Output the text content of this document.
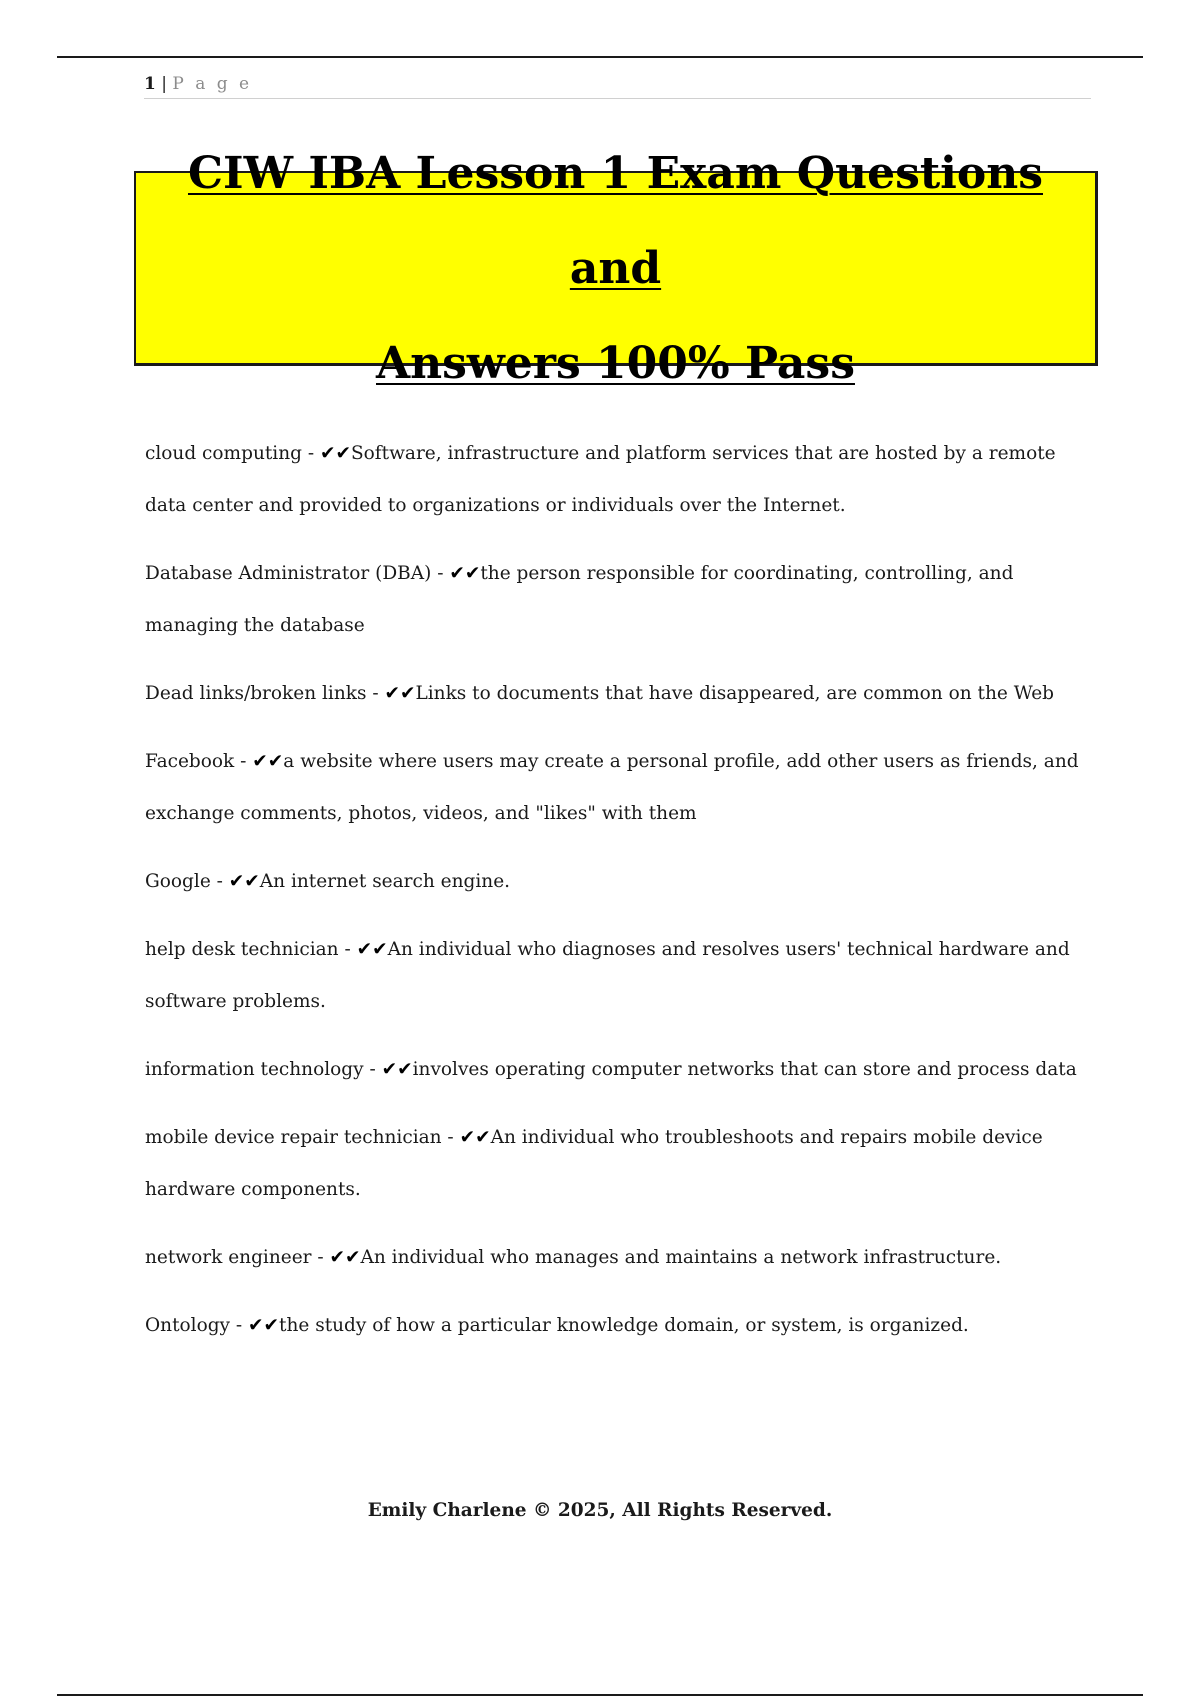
1 | P a g e
CIW IBA Lesson 1 Exam Questions and
Answers 100% Pass

cloud computing - ✔✔Software, infrastructure and platform services that are hosted by a remote data center and provided to organizations or individuals over the Internet.

Database Administrator (DBA) - ✔✔the person responsible for coordinating, controlling, and managing the database

Dead links/broken links - ✔✔Links to documents that have disappeared, are common on the Web

Facebook - ✔✔a website where users may create a personal profile, add other users as friends, and exchange comments, photos, videos, and "likes" with them

Google - ✔✔An internet search engine.

help desk technician - ✔✔An individual who diagnoses and resolves users' technical hardware and software problems.

information technology - ✔✔involves operating computer networks that can store and process data

mobile device repair technician - ✔✔An individual who troubleshoots and repairs mobile device hardware components.

network engineer - ✔✔An individual who manages and maintains a network infrastructure.

Ontology - ✔✔the study of how a particular knowledge domain, or system, is organized.

Emily Charlene © 2025, All Rights Reserved.
